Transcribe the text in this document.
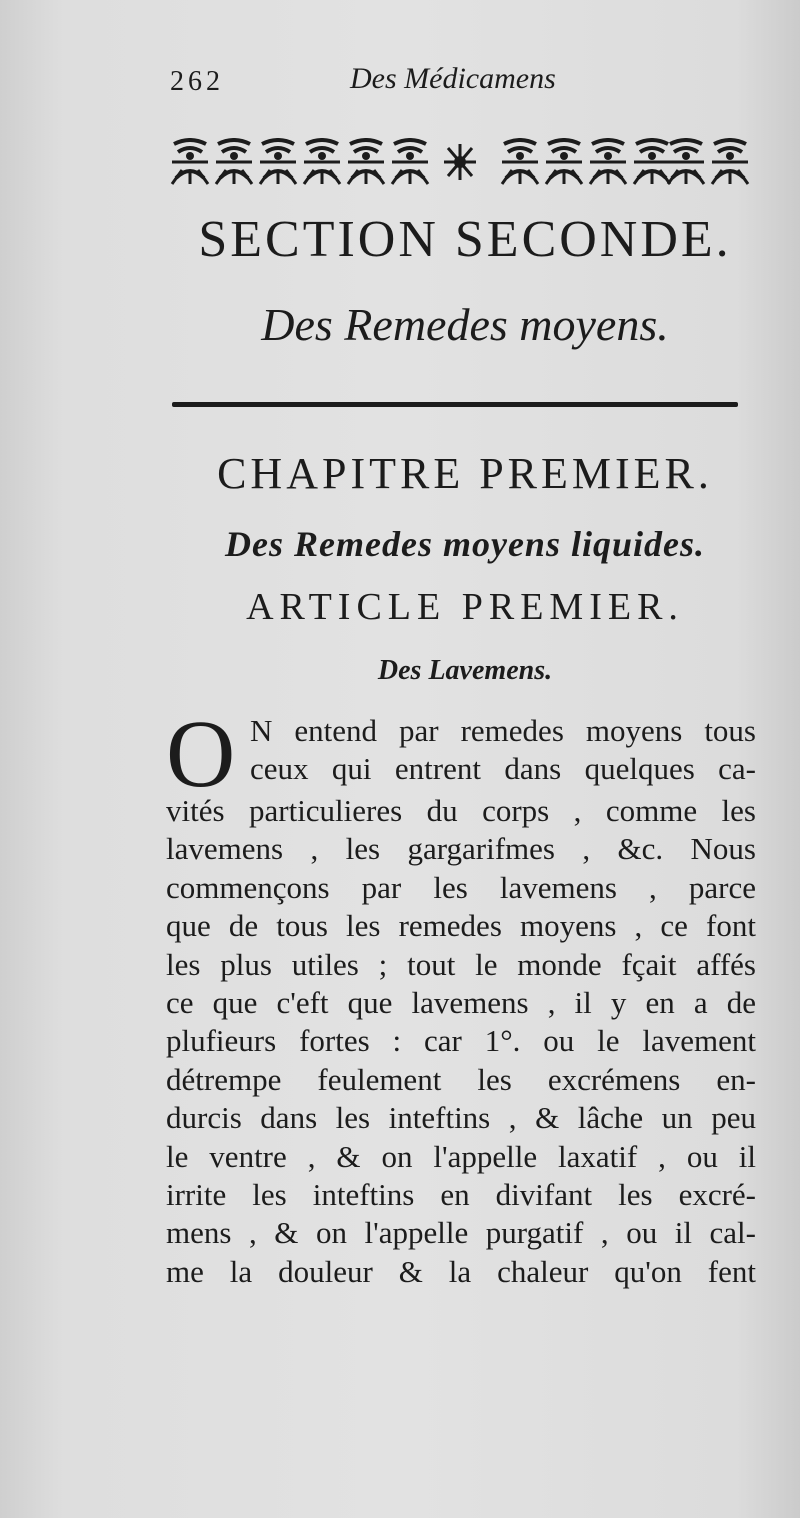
262	Des Médicamens
SECTION SECONDE.
Des Remedes moyens.
CHAPITRE PREMIER.
Des Remedes moyens liquides.
ARTICLE PREMIER.
Des Lavemens.
O N entend par remedes moyens tous
ceux qui entrent dans quelques ca-
vités particulieres du corps , comme les
lavemens , les gargarifmes , &c. Nous
commençons par les lavemens , parce
que de tous les remedes moyens , ce font
les plus utiles ; tout le monde fçait affés
ce que c'eft que lavemens , il y en a de
plufieurs fortes : car 1°. ou le lavement
détrempe feulement les excrémens en-
durcis dans les inteftins , & lâche un peu
le ventre , & on l'appelle laxatif , ou il
irrite les inteftins en divifant les excré-
mens , & on l'appelle purgatif , ou il cal-
me la douleur & la chaleur qu'on fent
